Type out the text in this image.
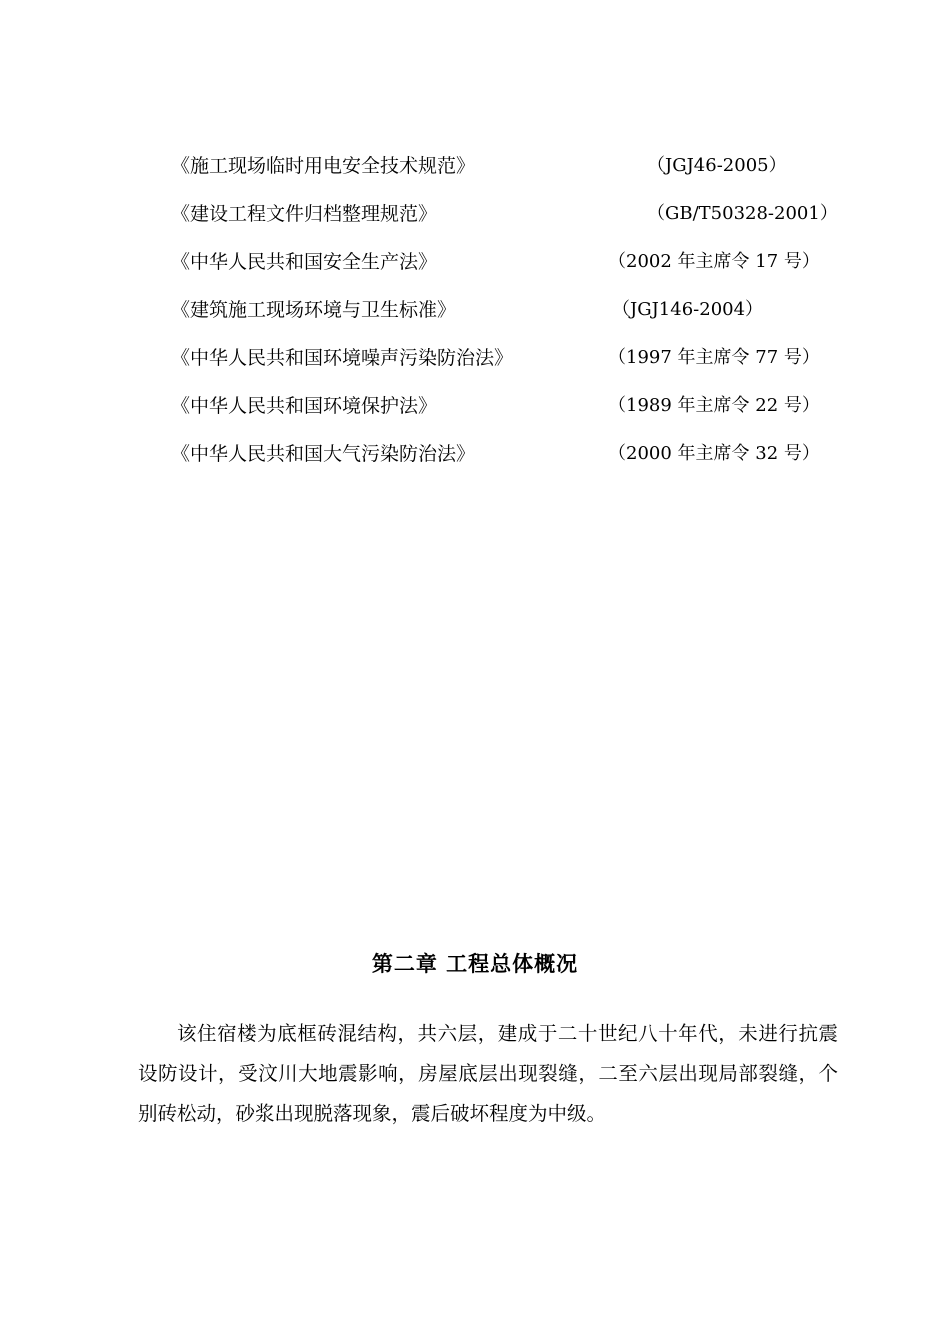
《施工现场临时用电安全技术规范》	（JGJ46-2005）
《建设工程文件归档整理规范》	（GB/T50328-2001）
《中华人民共和国安全生产法》	（2002 年主席令 17 号）
《建筑施工现场环境与卫生标准》	（JGJ146-2004）
《中华人民共和国环境噪声污染防治法》	（1997 年主席令 77 号）
《中华人民共和国环境保护法》	（1989 年主席令 22 号）
《中华人民共和国大气污染防治法》	（2000 年主席令 32 号）
第二章 工程总体概况

该住宿楼为底框砖混结构，共六层，建成于二十世纪八十年代，未进行抗震设防设计，受汶川大地震影响，房屋底层出现裂缝，二至六层出现局部裂缝，个别砖松动，砂浆出现脱落现象，震后破坏程度为中级。
